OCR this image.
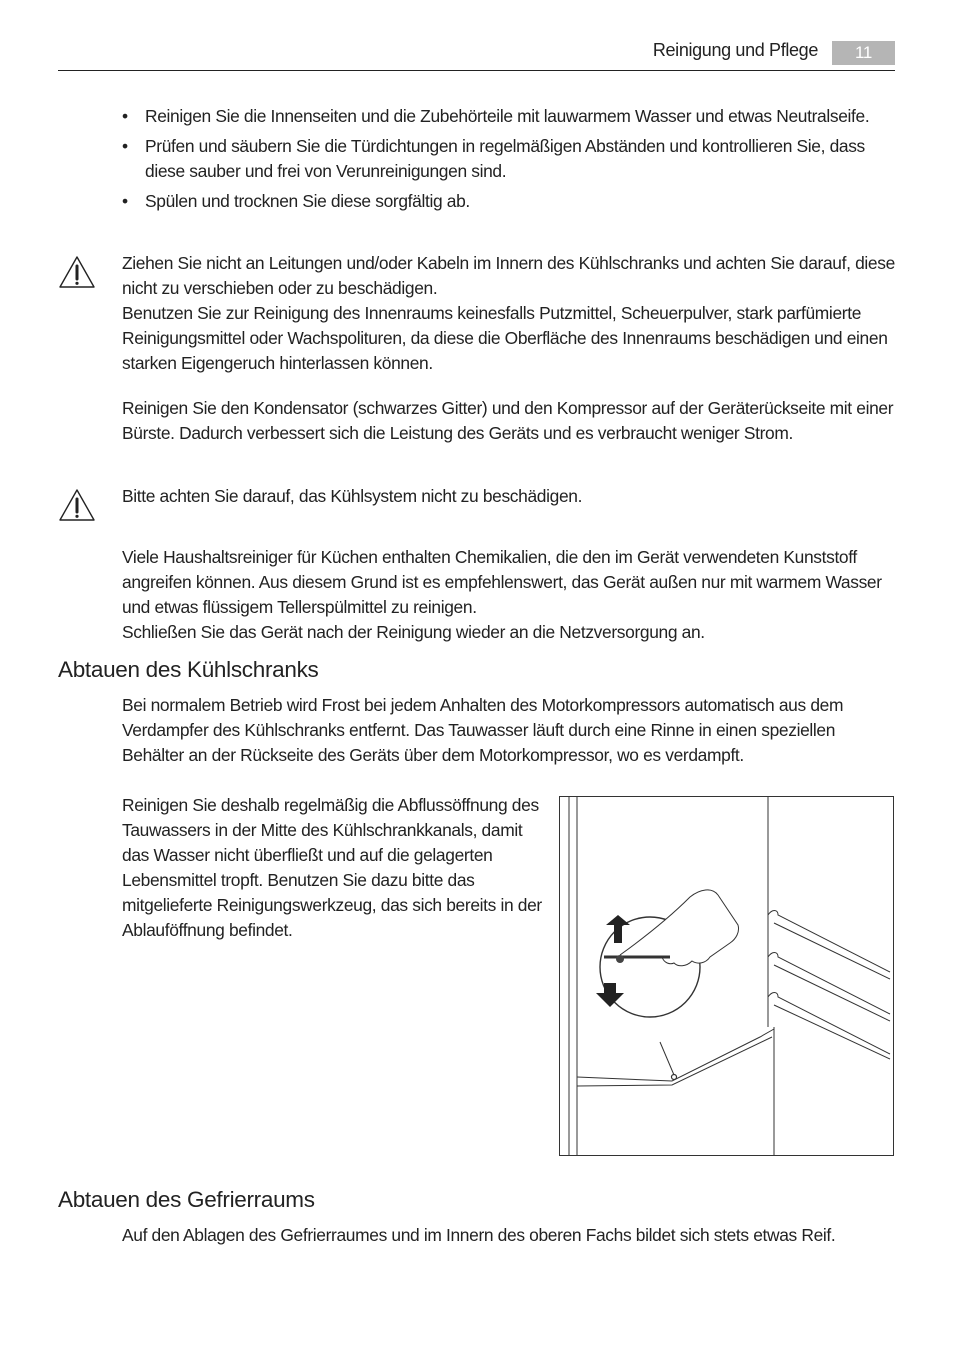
Reinigung und Pflege	11
• Reinigen Sie die Innenseiten und die Zubehörteile mit lauwarmem Wasser und etwas Neutralseife.
• Prüfen und säubern Sie die Türdichtungen in regelmäßigen Abständen und kontrollieren Sie, dass diese sauber und frei von Verunreinigungen sind.
• Spülen und trocknen Sie diese sorgfältig ab.
Ziehen Sie nicht an Leitungen und/oder Kabeln im Innern des Kühlschranks und achten Sie darauf, diese nicht zu verschieben oder zu beschädigen.
Benutzen Sie zur Reinigung des Innenraums keinesfalls Putzmittel, Scheuerpulver, stark parfümierte Reinigungsmittel oder Wachspolituren, da diese die Oberfläche des Innenraums beschädigen und einen starken Eigengeruch hinterlassen können.

Reinigen Sie den Kondensator (schwarzes Gitter) und den Kompressor auf der Geräterückseite mit einer Bürste. Dadurch verbessert sich die Leistung des Geräts und es verbraucht weniger Strom.

Bitte achten Sie darauf, das Kühlsystem nicht zu beschädigen.

Viele Haushaltsreiniger für Küchen enthalten Chemikalien, die den im Gerät verwendeten Kunststoff angreifen können. Aus diesem Grund ist es empfehlenswert, das Gerät außen nur mit warmem Wasser und etwas flüssigem Tellerspülmittel zu reinigen.
Schließen Sie das Gerät nach der Reinigung wieder an die Netzversorgung an.
Abtauen des Kühlschranks

Bei normalem Betrieb wird Frost bei jedem Anhalten des Motorkompressors automatisch aus dem Verdampfer des Kühlschranks entfernt. Das Tauwasser läuft durch eine Rinne in einen speziellen Behälter an der Rückseite des Geräts über dem Motorkompressor, wo es verdampft.

Reinigen Sie deshalb regelmäßig die Abflussöffnung des Tauwassers in der Mitte des Kühlschrankkanals, damit das Wasser nicht überfließt und auf die gelagerten Lebensmittel tropft. Benutzen Sie dazu bitte das mitgelieferte Reinigungswerkzeug, das sich bereits in der Ablauföffnung befindet.

Abtauen des Gefrierraums

Auf den Ablagen des Gefrierraumes und im Innern des oberen Fachs bildet sich stets etwas Reif.
